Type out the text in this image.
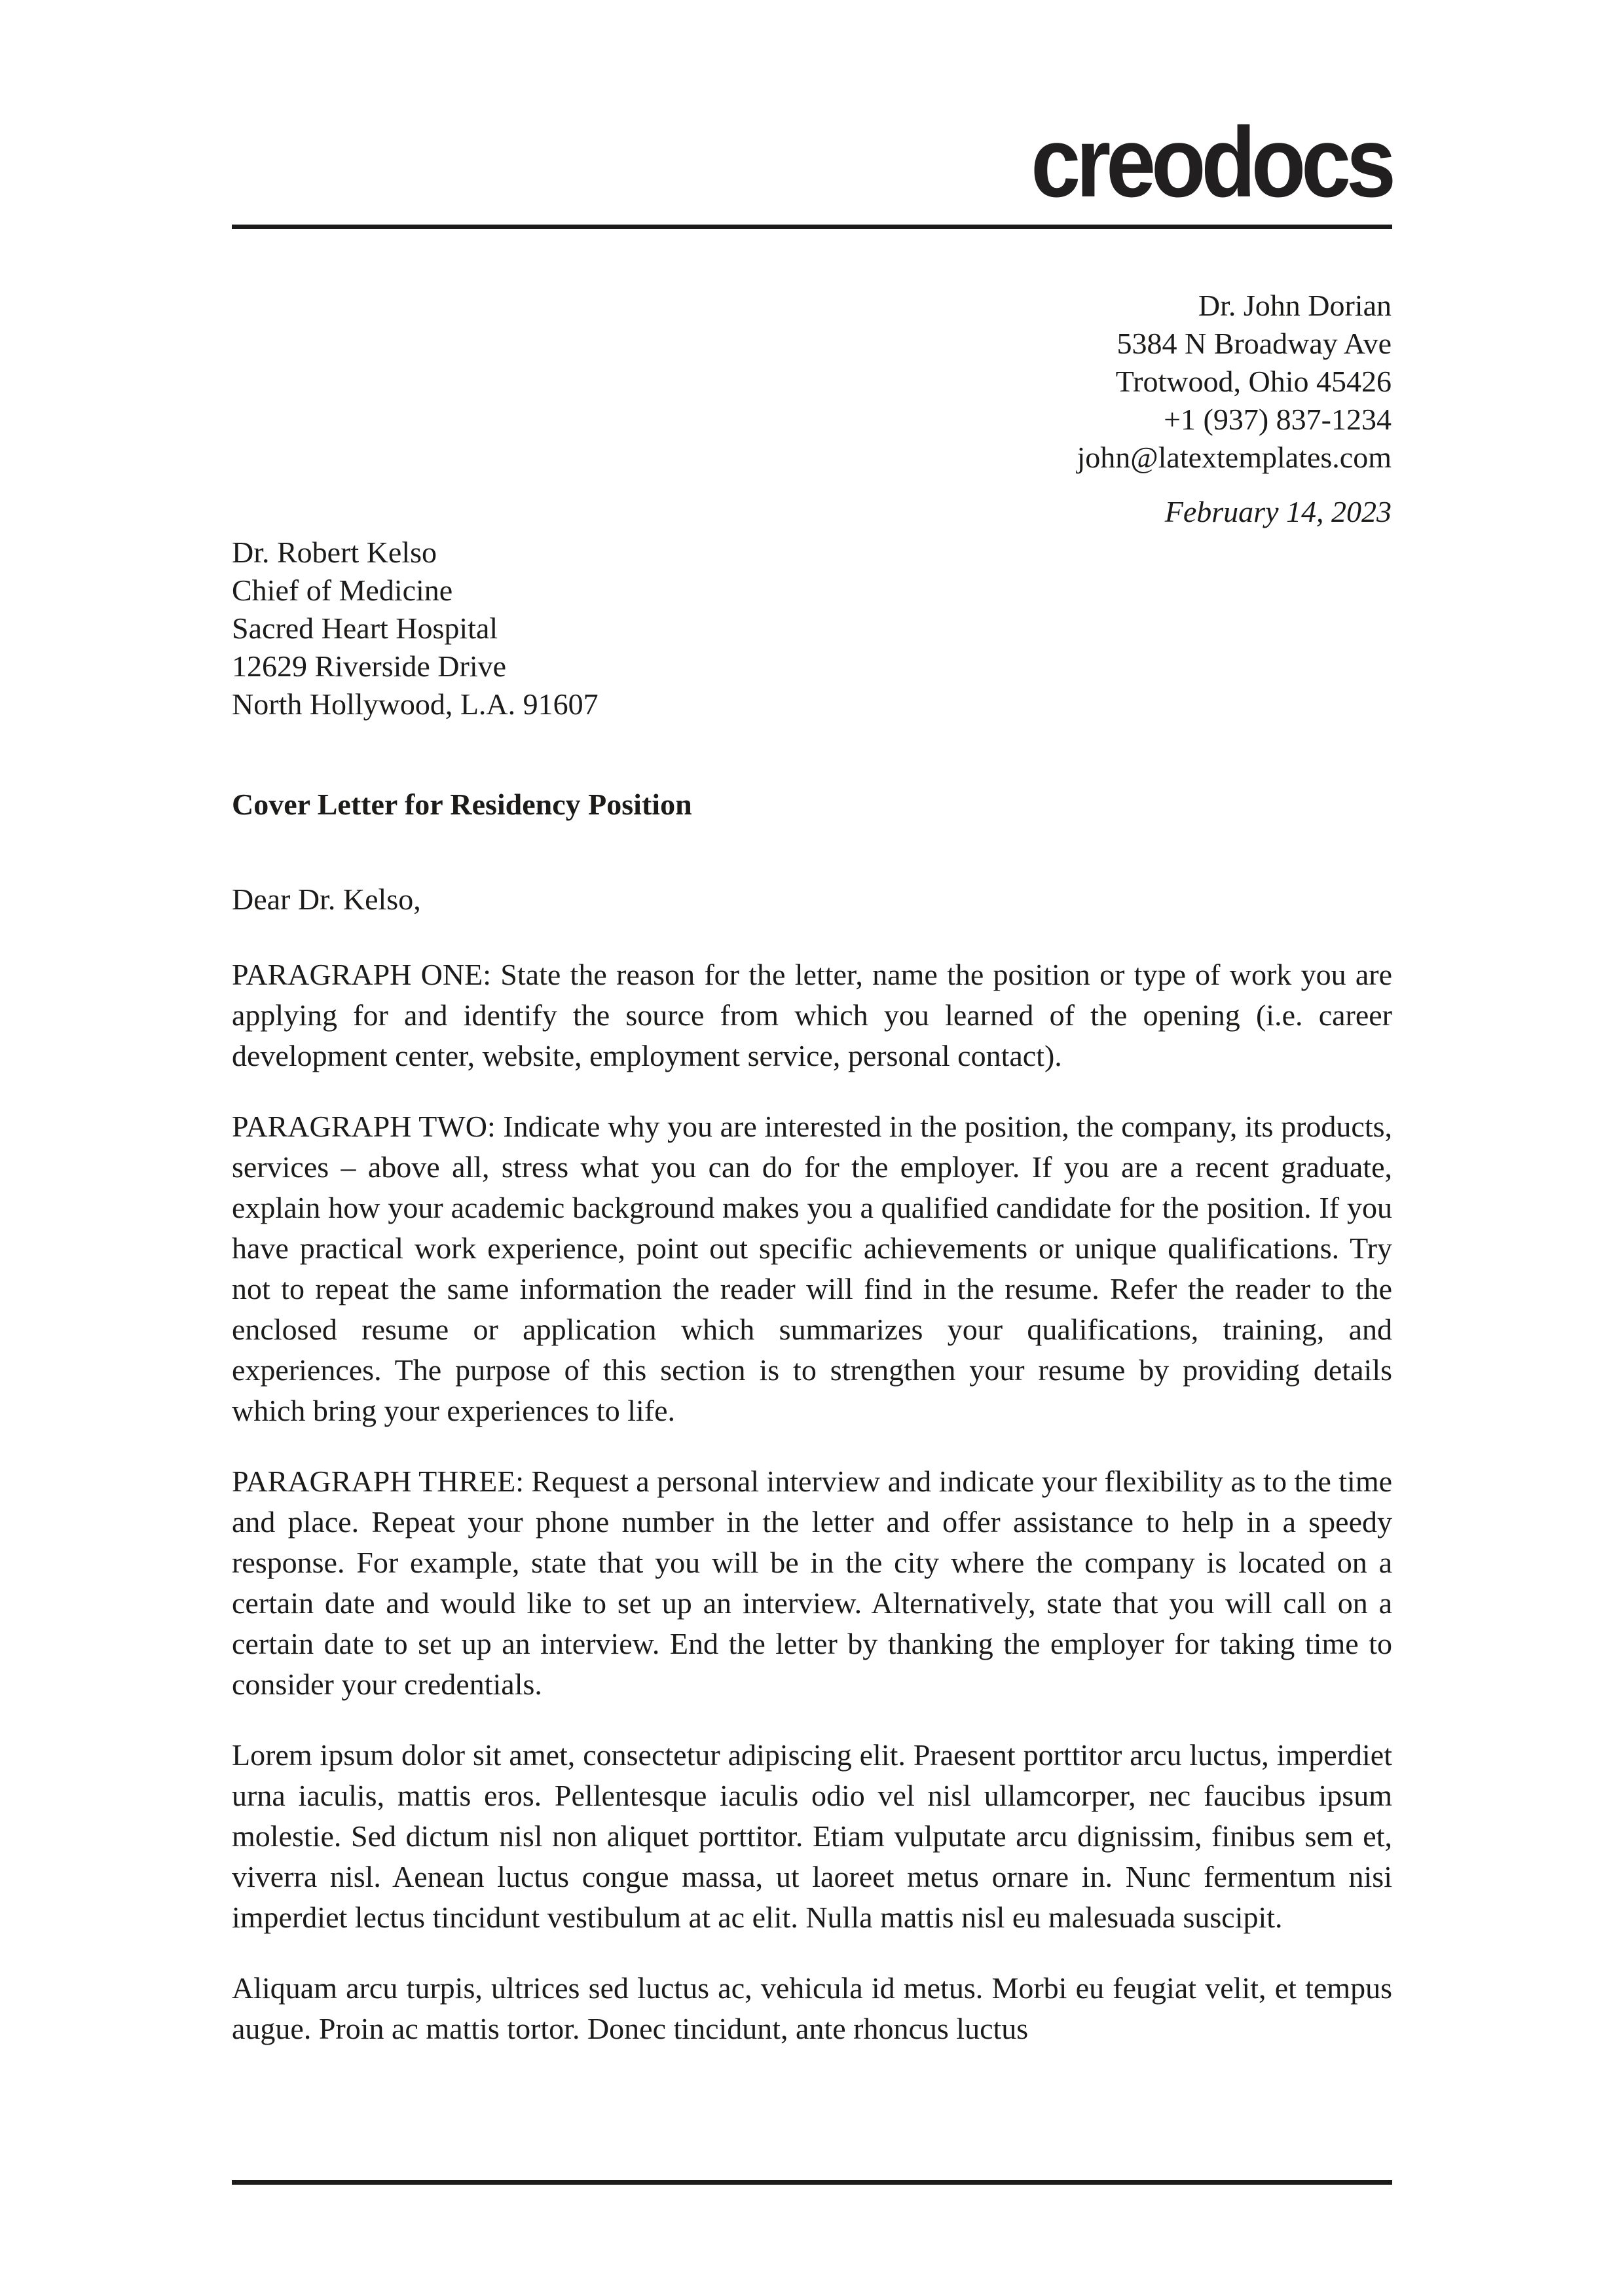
creodocs
Dr. John Dorian
5384 N Broadway Ave
Trotwood, Ohio 45426
+1 (937) 837-1234
john@latextemplates.com
February 14, 2023
Dr. Robert Kelso
Chief of Medicine
Sacred Heart Hospital
12629 Riverside Drive
North Hollywood, L.A. 91607
Cover Letter for Residency Position
Dear Dr. Kelso,

PARAGRAPH ONE: State the reason for the letter, name the position or type of work you are applying for and identify the source from which you learned of the opening (i.e. career development center, website, employment service, personal contact).

PARAGRAPH TWO: Indicate why you are interested in the position, the company, its products, services – above all, stress what you can do for the employer. If you are a recent graduate, explain how your academic background makes you a qualified candidate for the position. If you have practical work experience, point out specific achievements or unique qualifications. Try not to repeat the same information the reader will find in the resume. Refer the reader to the enclosed resume or application which summarizes your qualifications, training, and experiences. The purpose of this section is to strengthen your resume by providing details which bring your experiences to life.

PARAGRAPH THREE: Request a personal interview and indicate your flexibility as to the time and place. Repeat your phone number in the letter and offer assistance to help in a speedy response. For example, state that you will be in the city where the company is located on a certain date and would like to set up an interview. Alternatively, state that you will call on a certain date to set up an interview. End the letter by thanking the employer for taking time to consider your credentials.

Lorem ipsum dolor sit amet, consectetur adipiscing elit. Praesent porttitor arcu luctus, imperdiet urna iaculis, mattis eros. Pellentesque iaculis odio vel nisl ullamcorper, nec faucibus ipsum molestie. Sed dictum nisl non aliquet porttitor. Etiam vulputate arcu dignissim, finibus sem et, viverra nisl. Aenean luctus congue massa, ut laoreet metus ornare in. Nunc fermentum nisi imperdiet lectus tincidunt vestibulum at ac elit. Nulla mattis nisl eu malesuada suscipit.

Aliquam arcu turpis, ultrices sed luctus ac, vehicula id metus. Morbi eu feugiat velit, et tempus augue. Proin ac mattis tortor. Donec tincidunt, ante rhoncus luctus
